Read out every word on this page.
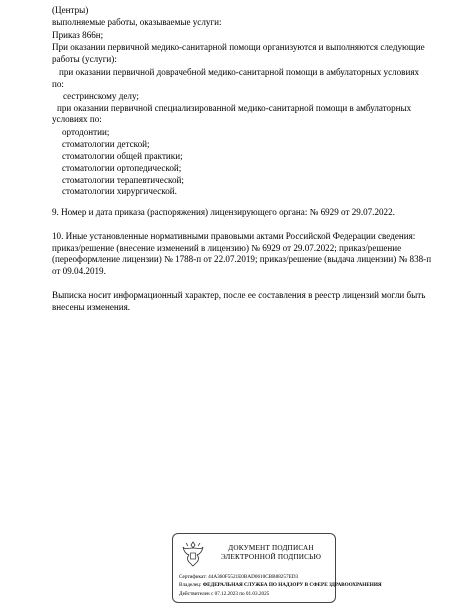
(Центры)
выполняемые работы, оказываемые услуги:
Приказ 866н;
При оказании первичной медико-санитарной помощи организуются и выполняются следующие
работы (услуги):
при оказании первичной доврачебной медико-санитарной помощи в амбулаторных условиях
по:
сестринскому делу;
при оказании первичной специализированной медико-санитарной помощи в амбулаторных
условиях по:
ортодонтии;
стоматологии детской;
стоматологии общей практики;
стоматологии ортопедической;
стоматологии терапевтической;
стоматологии хирургической.
9. Номер и дата приказа (распоряжения) лицензирующего органа: № 6929 от 29.07.2022.
10. Иные установленные нормативными правовыми актами Российской Федерации сведения:
приказ/решение (внесение изменений в лицензию) № 6929 от 29.07.2022; приказ/решение
(переоформление лицензии) № 1788-п от 22.07.2019; приказ/решение (выдача лицензии) № 838-п
от 09.04.2019.
Выписка носит информационный характер, после ее составления в реестр лицензий могли быть
внесены изменения.
ДОКУМЕНТ ПОДПИСАН
ЭЛЕКТРОННОЙ ПОДПИСЬЮ
Сертификат: 44A360F5521E0BAD0610CBB88257ED3
Владелец: ФЕДЕРАЛЬНАЯ СЛУЖБА ПО НАДЗОРУ В СФЕРЕ ЗДРАВООХРАНЕНИЯ
Действителен с 07.12.2023 по 01.03.2025
